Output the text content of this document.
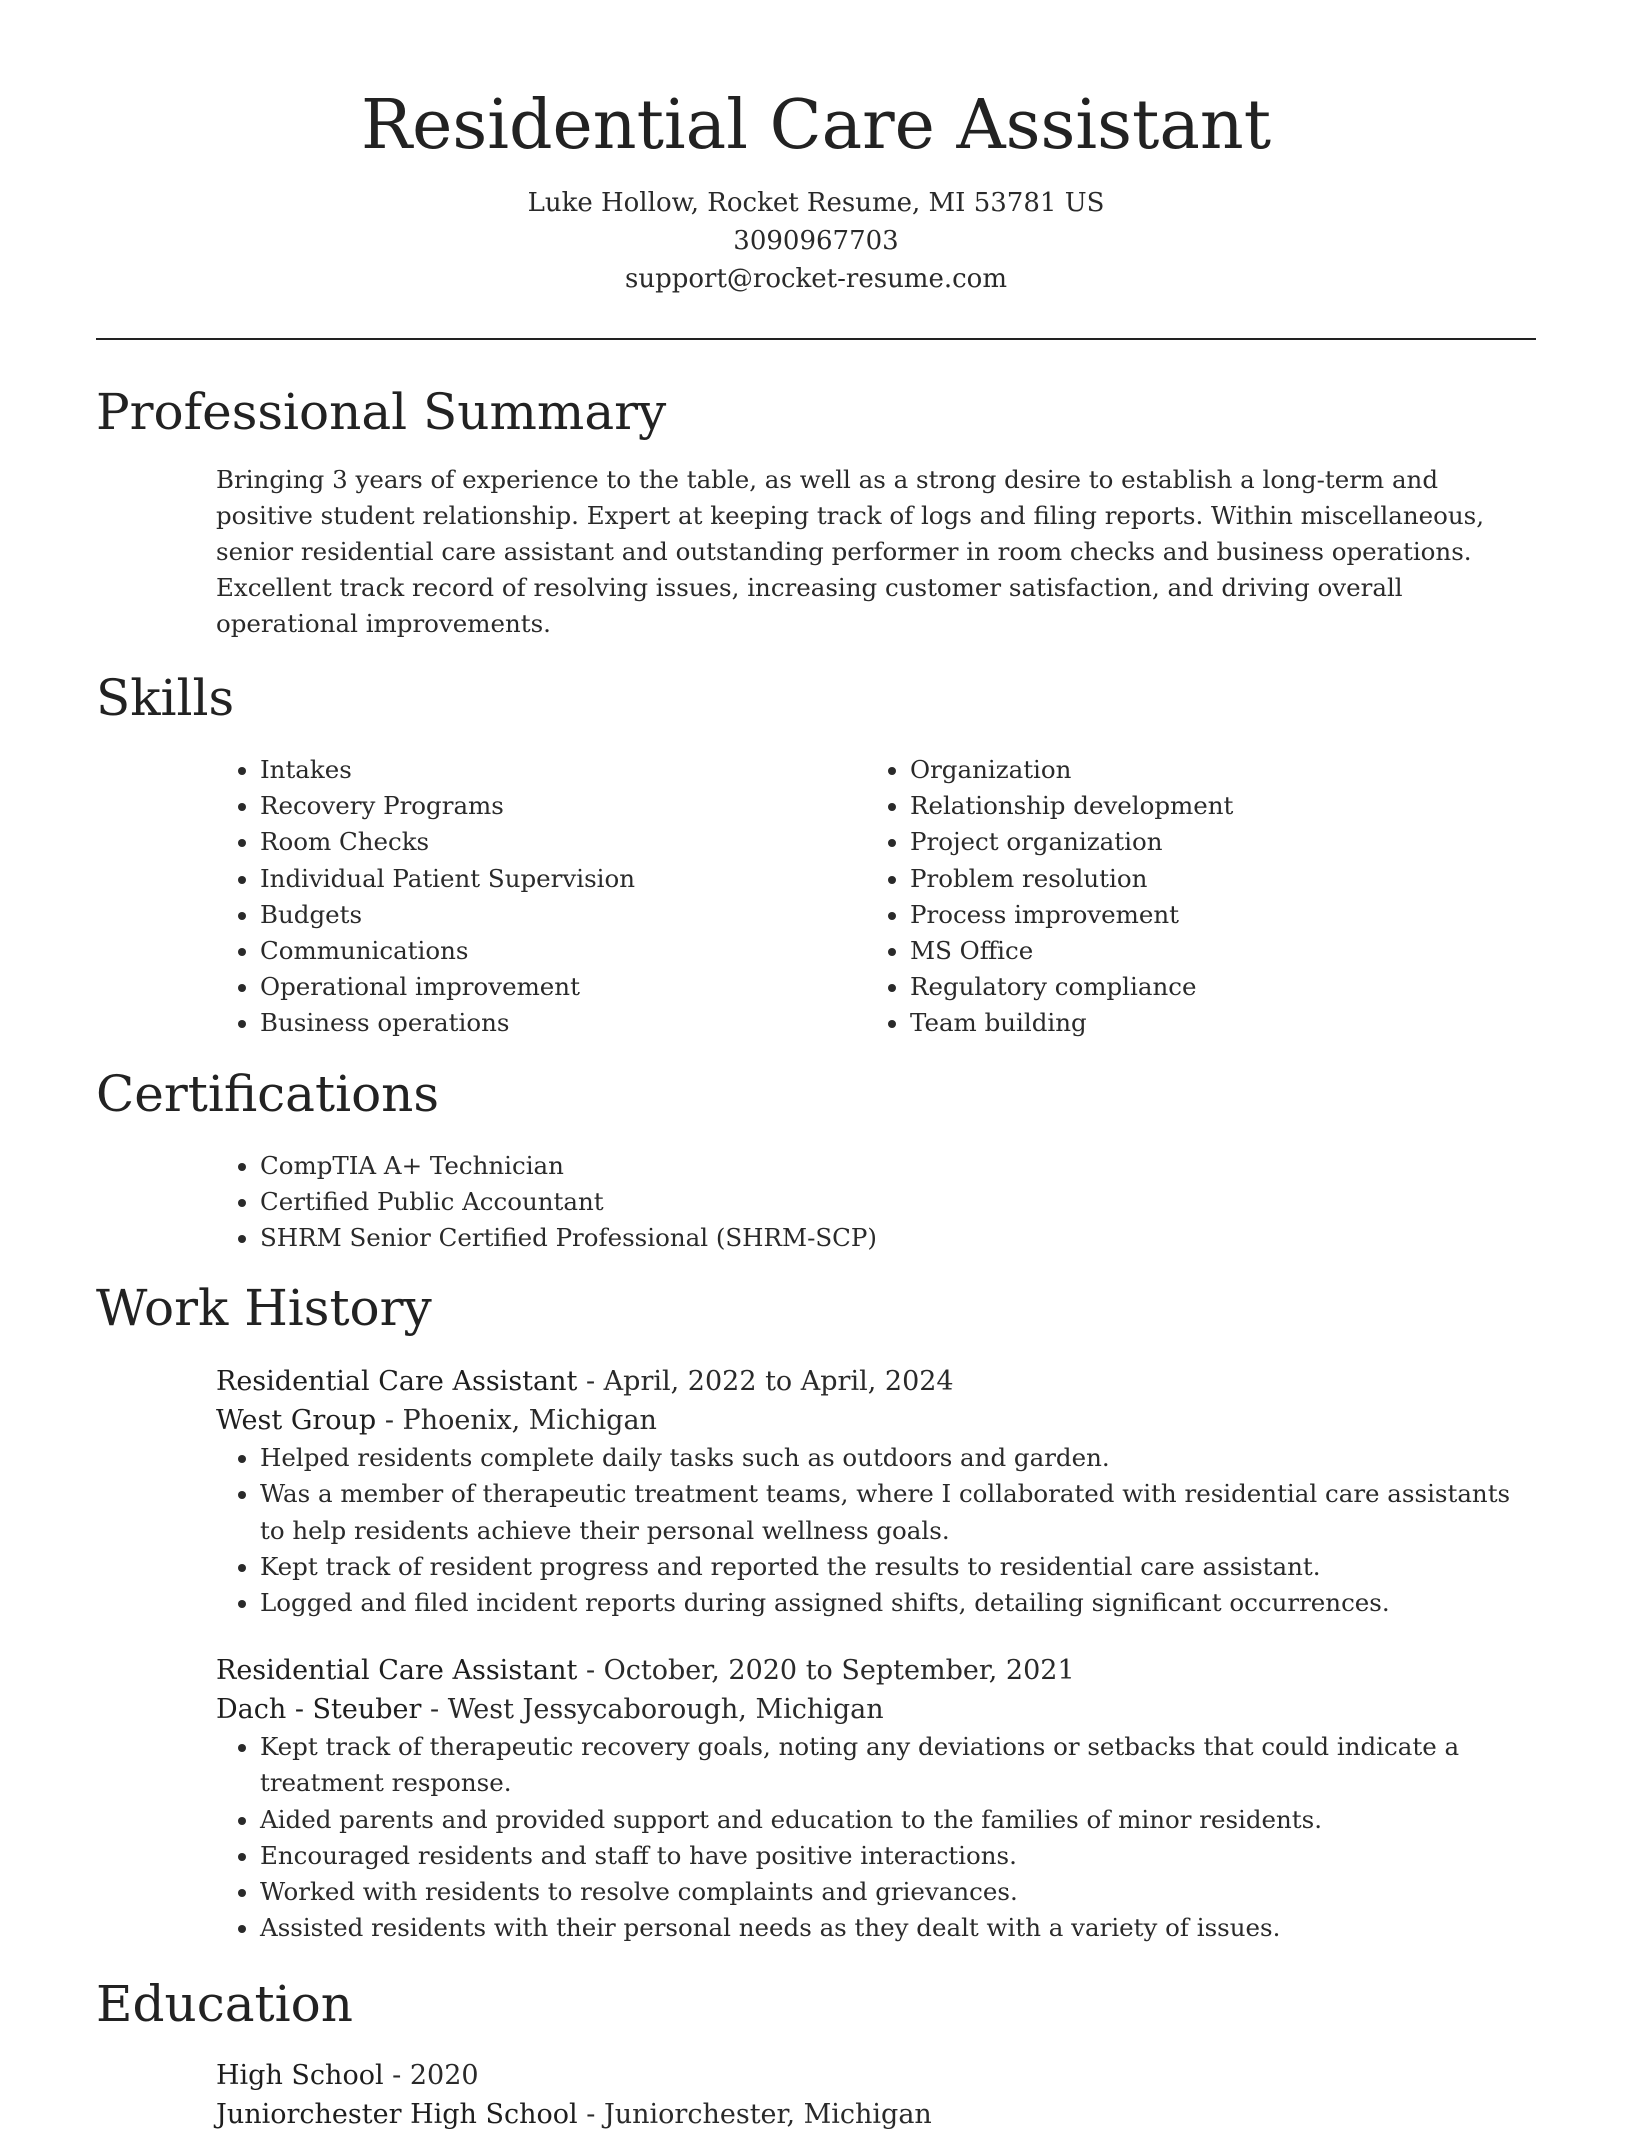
Residential Care Assistant
Luke Hollow, Rocket Resume, MI 53781 US
3090967703
support@rocket-resume.com
Professional Summary

Bringing 3 years of experience to the table, as well as a strong desire to establish a long-term and positive student relationship. Expert at keeping track of logs and filing reports. Within miscellaneous, senior residential care assistant and outstanding performer in room checks and business operations. Excellent track record of resolving issues, increasing customer satisfaction, and driving overall operational improvements.

Skills
• Intakes
• Recovery Programs
• Room Checks
• Individual Patient Supervision
• Budgets
• Communications
• Operational improvement
• Business operations
• Organization
• Relationship development
• Project organization
• Problem resolution
• Process improvement
• MS Office
• Regulatory compliance
• Team building
Certifications
• CompTIA A+ Technician
• Certified Public Accountant
• SHRM Senior Certified Professional (SHRM-SCP)
Work History
Residential Care Assistant - April, 2022 to April, 2024
West Group - Phoenix, Michigan
• Helped residents complete daily tasks such as outdoors and garden.
• Was a member of therapeutic treatment teams, where I collaborated with residential care assistants to help residents achieve their personal wellness goals.
• Kept track of resident progress and reported the results to residential care assistant.
• Logged and filed incident reports during assigned shifts, detailing significant occurrences.
Residential Care Assistant - October, 2020 to September, 2021
Dach - Steuber - West Jessycaborough, Michigan
• Kept track of therapeutic recovery goals, noting any deviations or setbacks that could indicate a treatment response.
• Aided parents and provided support and education to the families of minor residents.
• Encouraged residents and staff to have positive interactions.
• Worked with residents to resolve complaints and grievances.
• Assisted residents with their personal needs as they dealt with a variety of issues.
Education
High School - 2020
Juniorchester High School - Juniorchester, Michigan
